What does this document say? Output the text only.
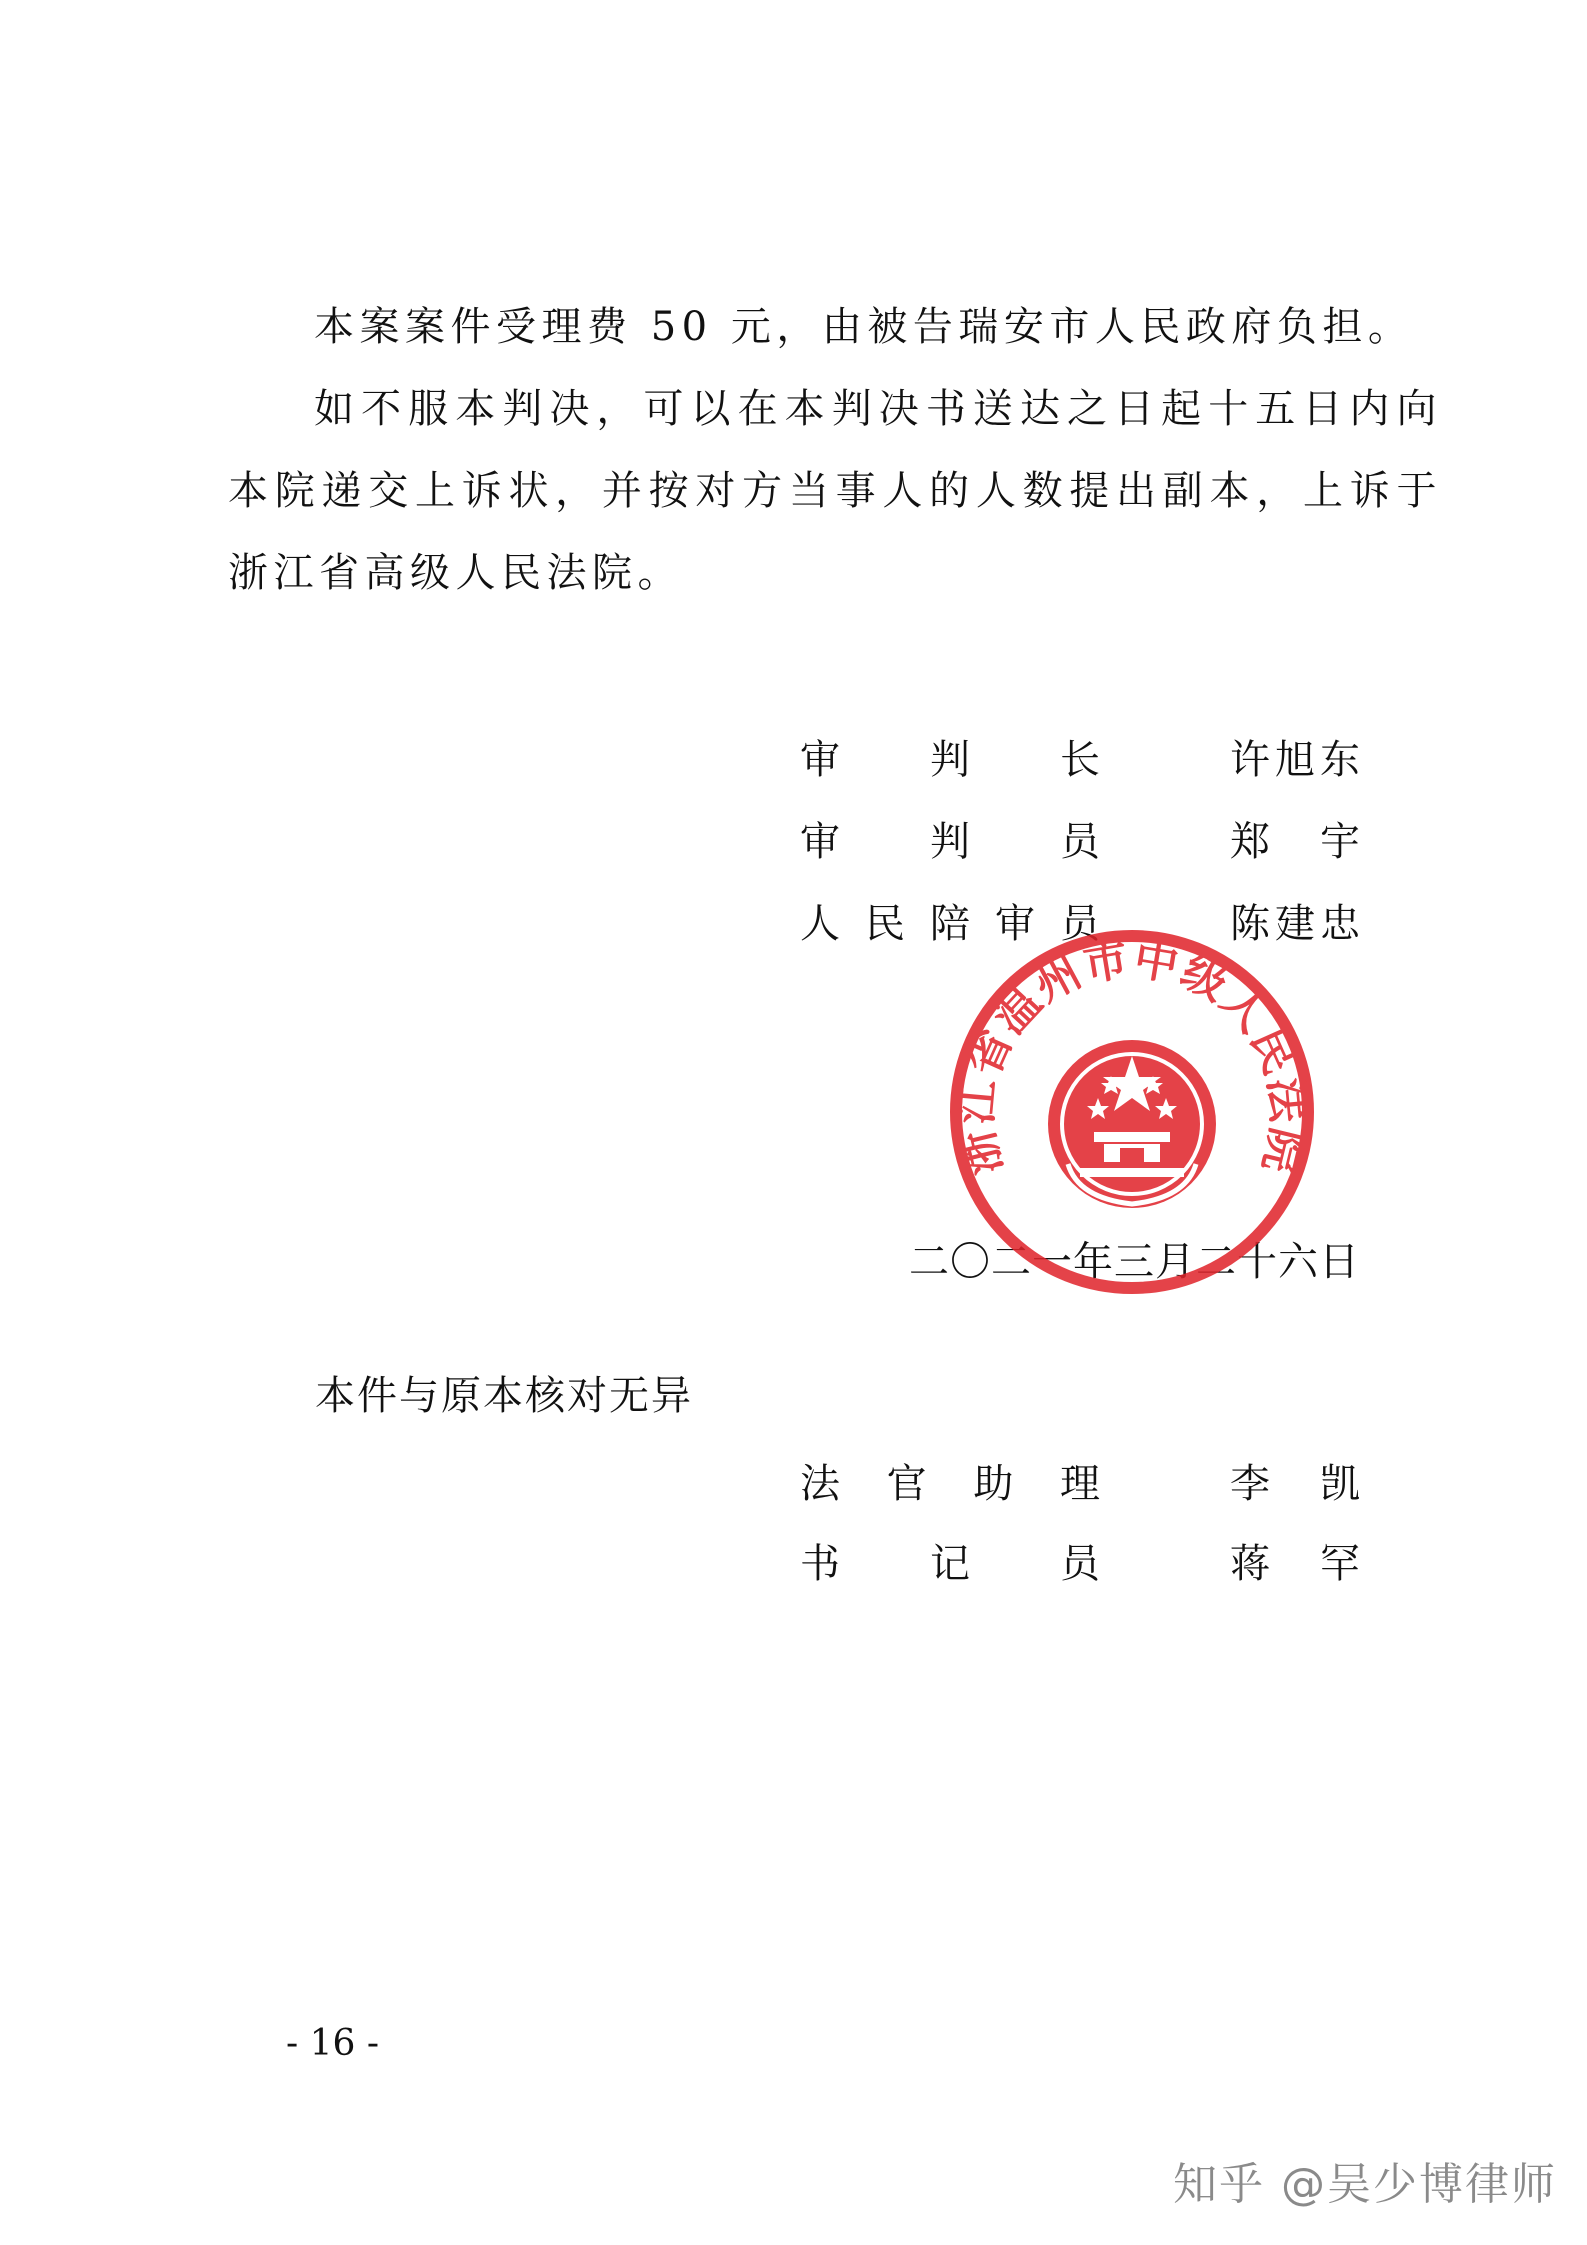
本案案件受理费 50 元，由被告瑞安市人民政府负担。

如不服本判决，可以在本判决书送达之日起十五日内向本院递交上诉状，并按对方当事人的人数提出副本，上诉于浙江省高级人民法院。

审 判 长	许 旭 东
审 判 员	郑 宇
人 民 陪 审 员	陈 建 忠
二〇二一年三月二十六日
浙江省温州市中级人民法院
本件与原本核对无异
法 官 助 理	李 凯
书 记 员	蒋 罕
- 16 -
知乎 @吴少博律师
